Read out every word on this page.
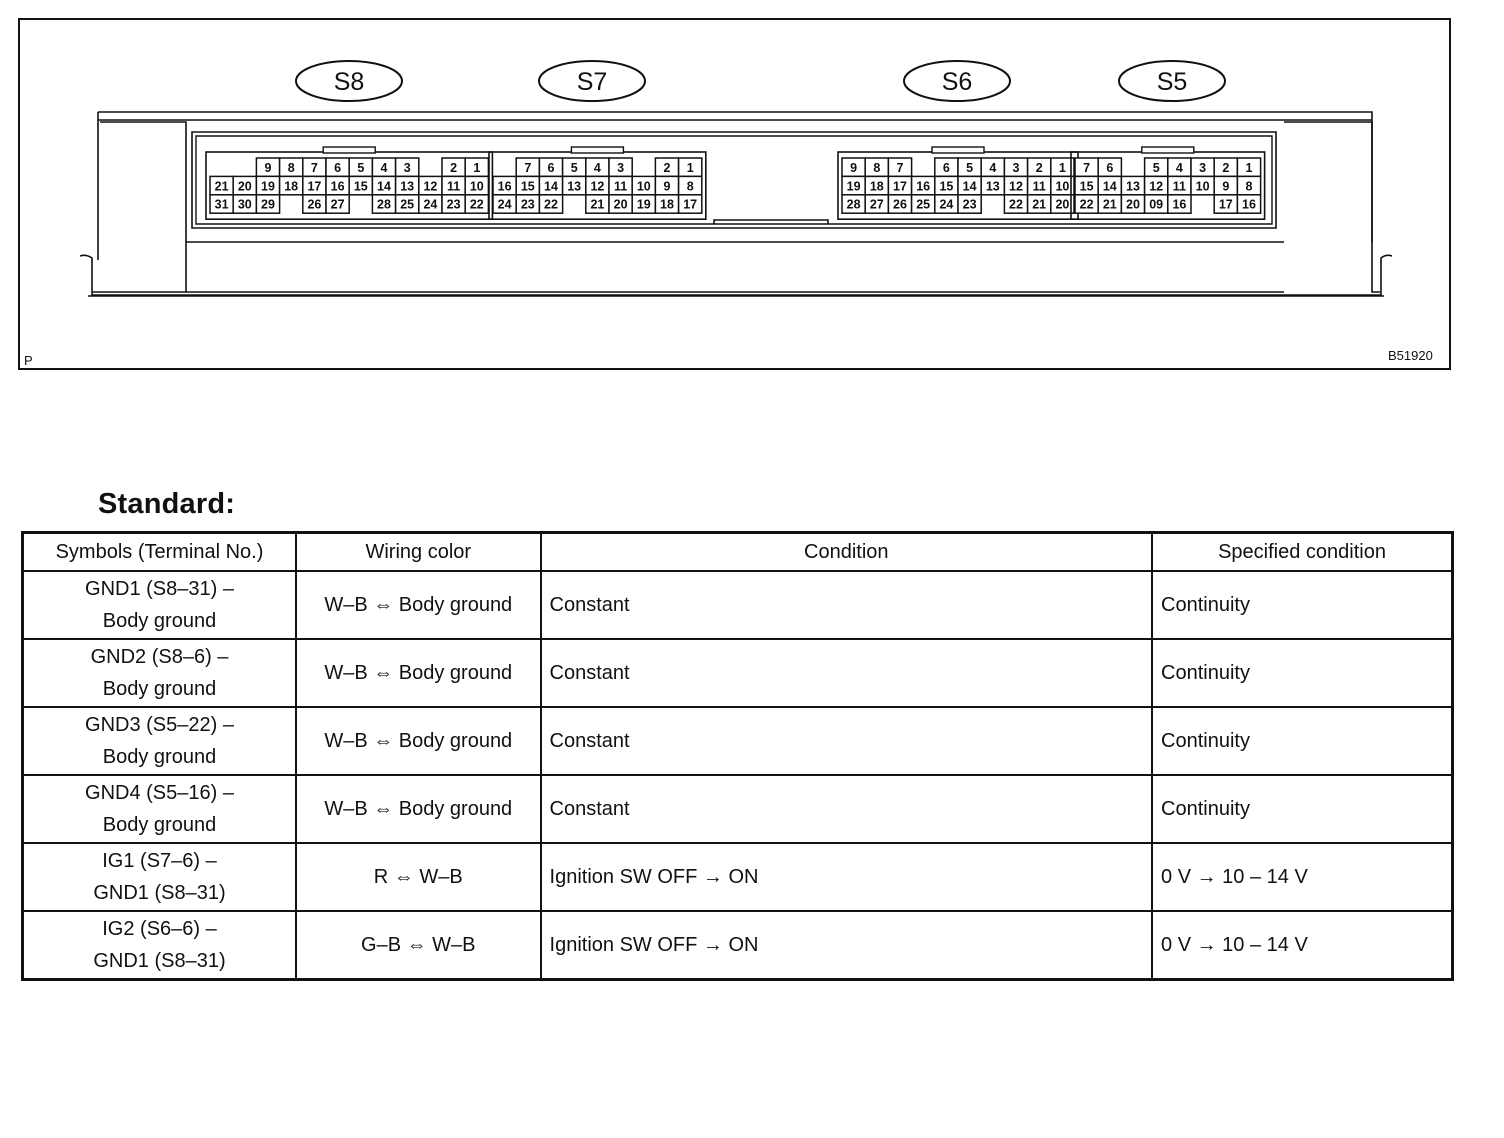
S8
9 8 7 6 5 4 3	2 1
21 20 19 18 17 16 15 14 13 12 11 10
31 30 29	26 27	28 25 24 23 22
S7
7 6 5 4 3	2 1
16 15 14 13 12 11 10 9 8
24 23 22	21 20 19 18 17
S6
9 8 7	6 5 4 3 2 1
19 18 17 16 15 14 13 12 11 10
28 27 26 25 24 23	22 21 20
S5
7 6	5 4 3 2 1
15 14 13 12 11 10 9 8
22 21 20 09 16	17 16
P	B51920
Standard:
Symbols (Terminal No.)	Wiring color	Condition	Specified condition

GND1 (S8–31) –
Body ground	W–B ⇔ Body ground	Constant	Continuity

GND2 (S8–6) –
Body ground	W–B ⇔ Body ground	Constant	Continuity

GND3 (S5–22) –
Body ground	W–B ⇔ Body ground	Constant	Continuity

GND4 (S5–16) –
Body ground	W–B ⇔ Body ground	Constant	Continuity

IG1 (S7–6) –
GND1 (S8–31)	R ⇔ W–B	Ignition SW OFF → ON	0 V → 10 – 14 V

IG2 (S6–6) –
GND1 (S8–31)	G–B ⇔ W–B	Ignition SW OFF → ON	0 V → 10 – 14 V
